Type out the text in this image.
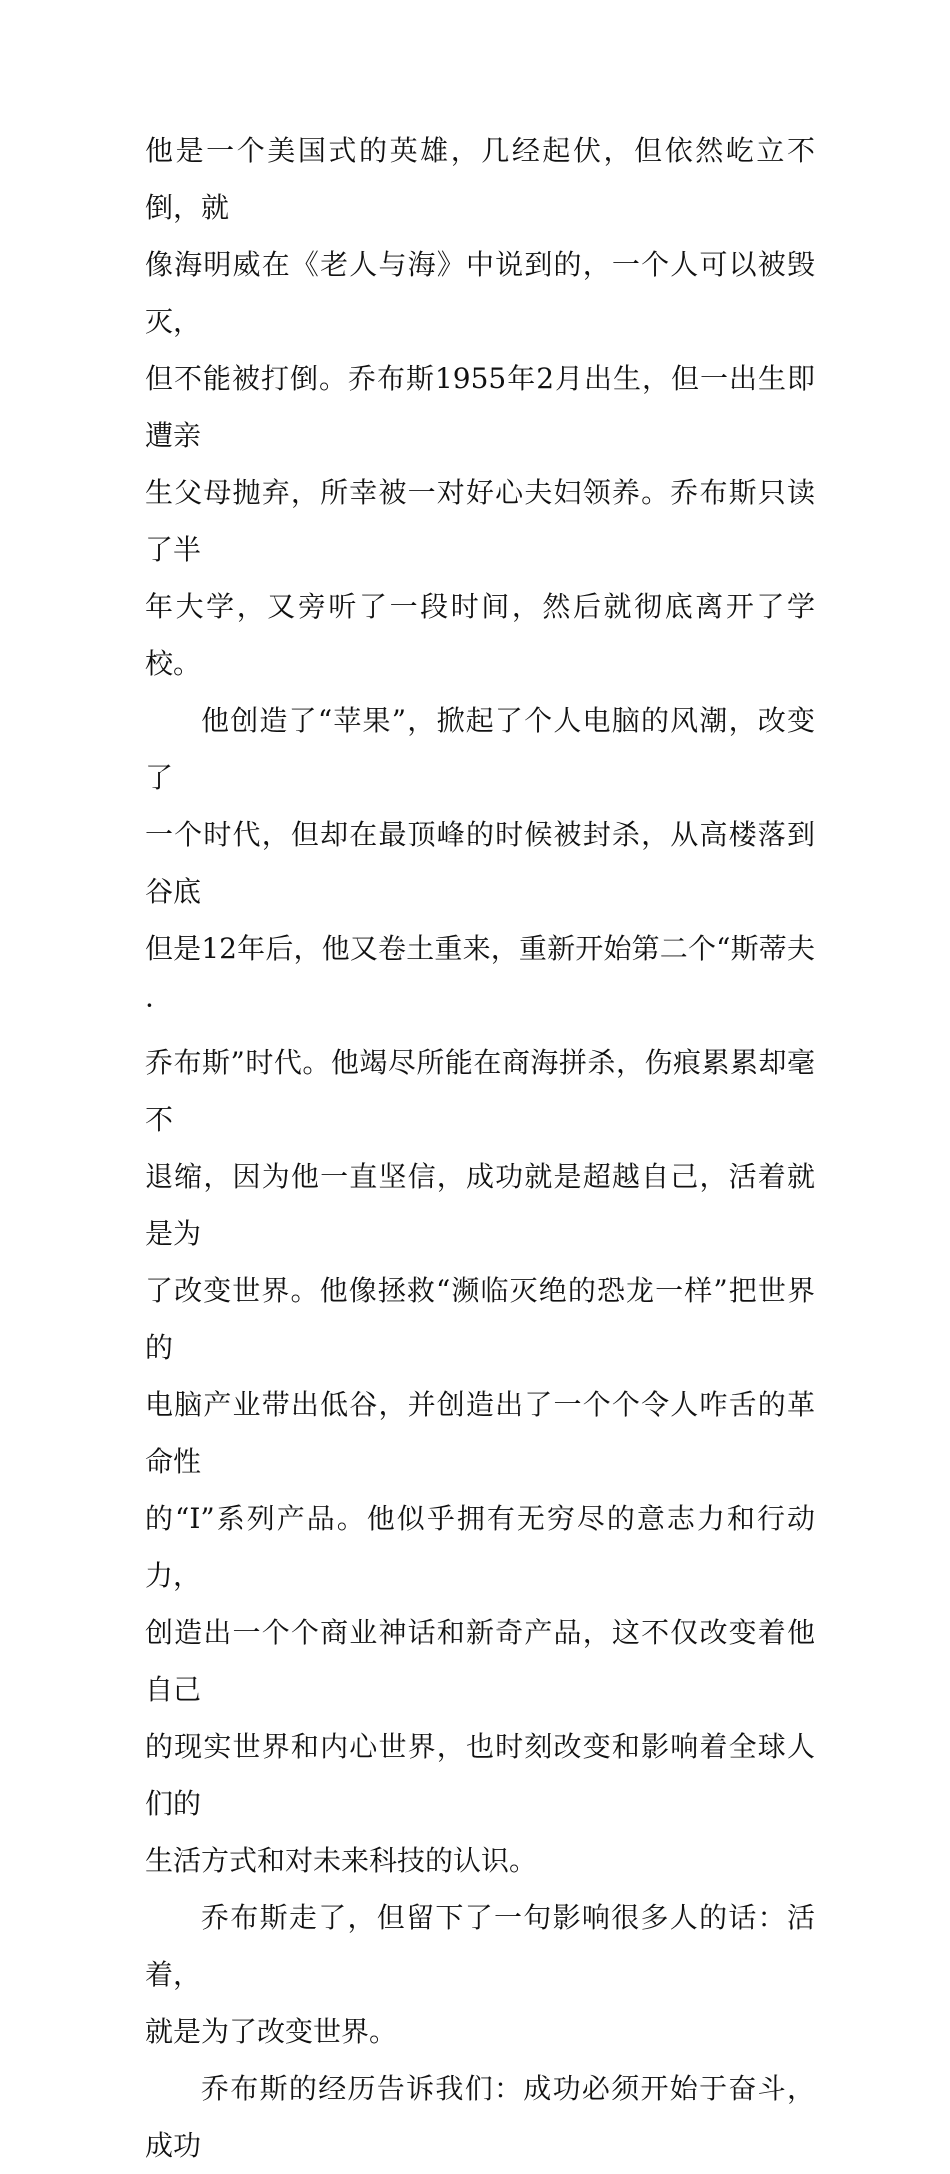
他是一个美国式的英雄，几经起伏，但依然屹立不倒，就
像海明威在《老人与海》中说到的，一个人可以被毁灭，
但不能被打倒。乔布斯1955年2月出生，但一出生即遭亲
生父母抛弃，所幸被一对好心夫妇领养。乔布斯只读了半
年大学，又旁听了一段时间，然后就彻底离开了学校。

他创造了“苹果”，掀起了个人电脑的风潮，改变了
一个时代，但却在最顶峰的时候被封杀，从高楼落到谷底
但是12年后，他又卷土重来，重新开始第二个“斯蒂夫·
乔布斯”时代。他竭尽所能在商海拼杀，伤痕累累却毫不
退缩，因为他一直坚信，成功就是超越自己，活着就是为
了改变世界。他像拯救“濒临灭绝的恐龙一样”把世界的
电脑产业带出低谷，并创造出了一个个令人咋舌的革命性
的“I”系列产品。他似乎拥有无穷尽的意志力和行动力，
创造出一个个商业神话和新奇产品，这不仅改变着他自己
的现实世界和内心世界，也时刻改变和影响着全球人们的
生活方式和对未来科技的认识。

乔布斯走了，但留下了一句影响很多人的话：活着，
就是为了改变世界。

乔布斯的经历告诉我们：成功必须开始于奋斗，成功
